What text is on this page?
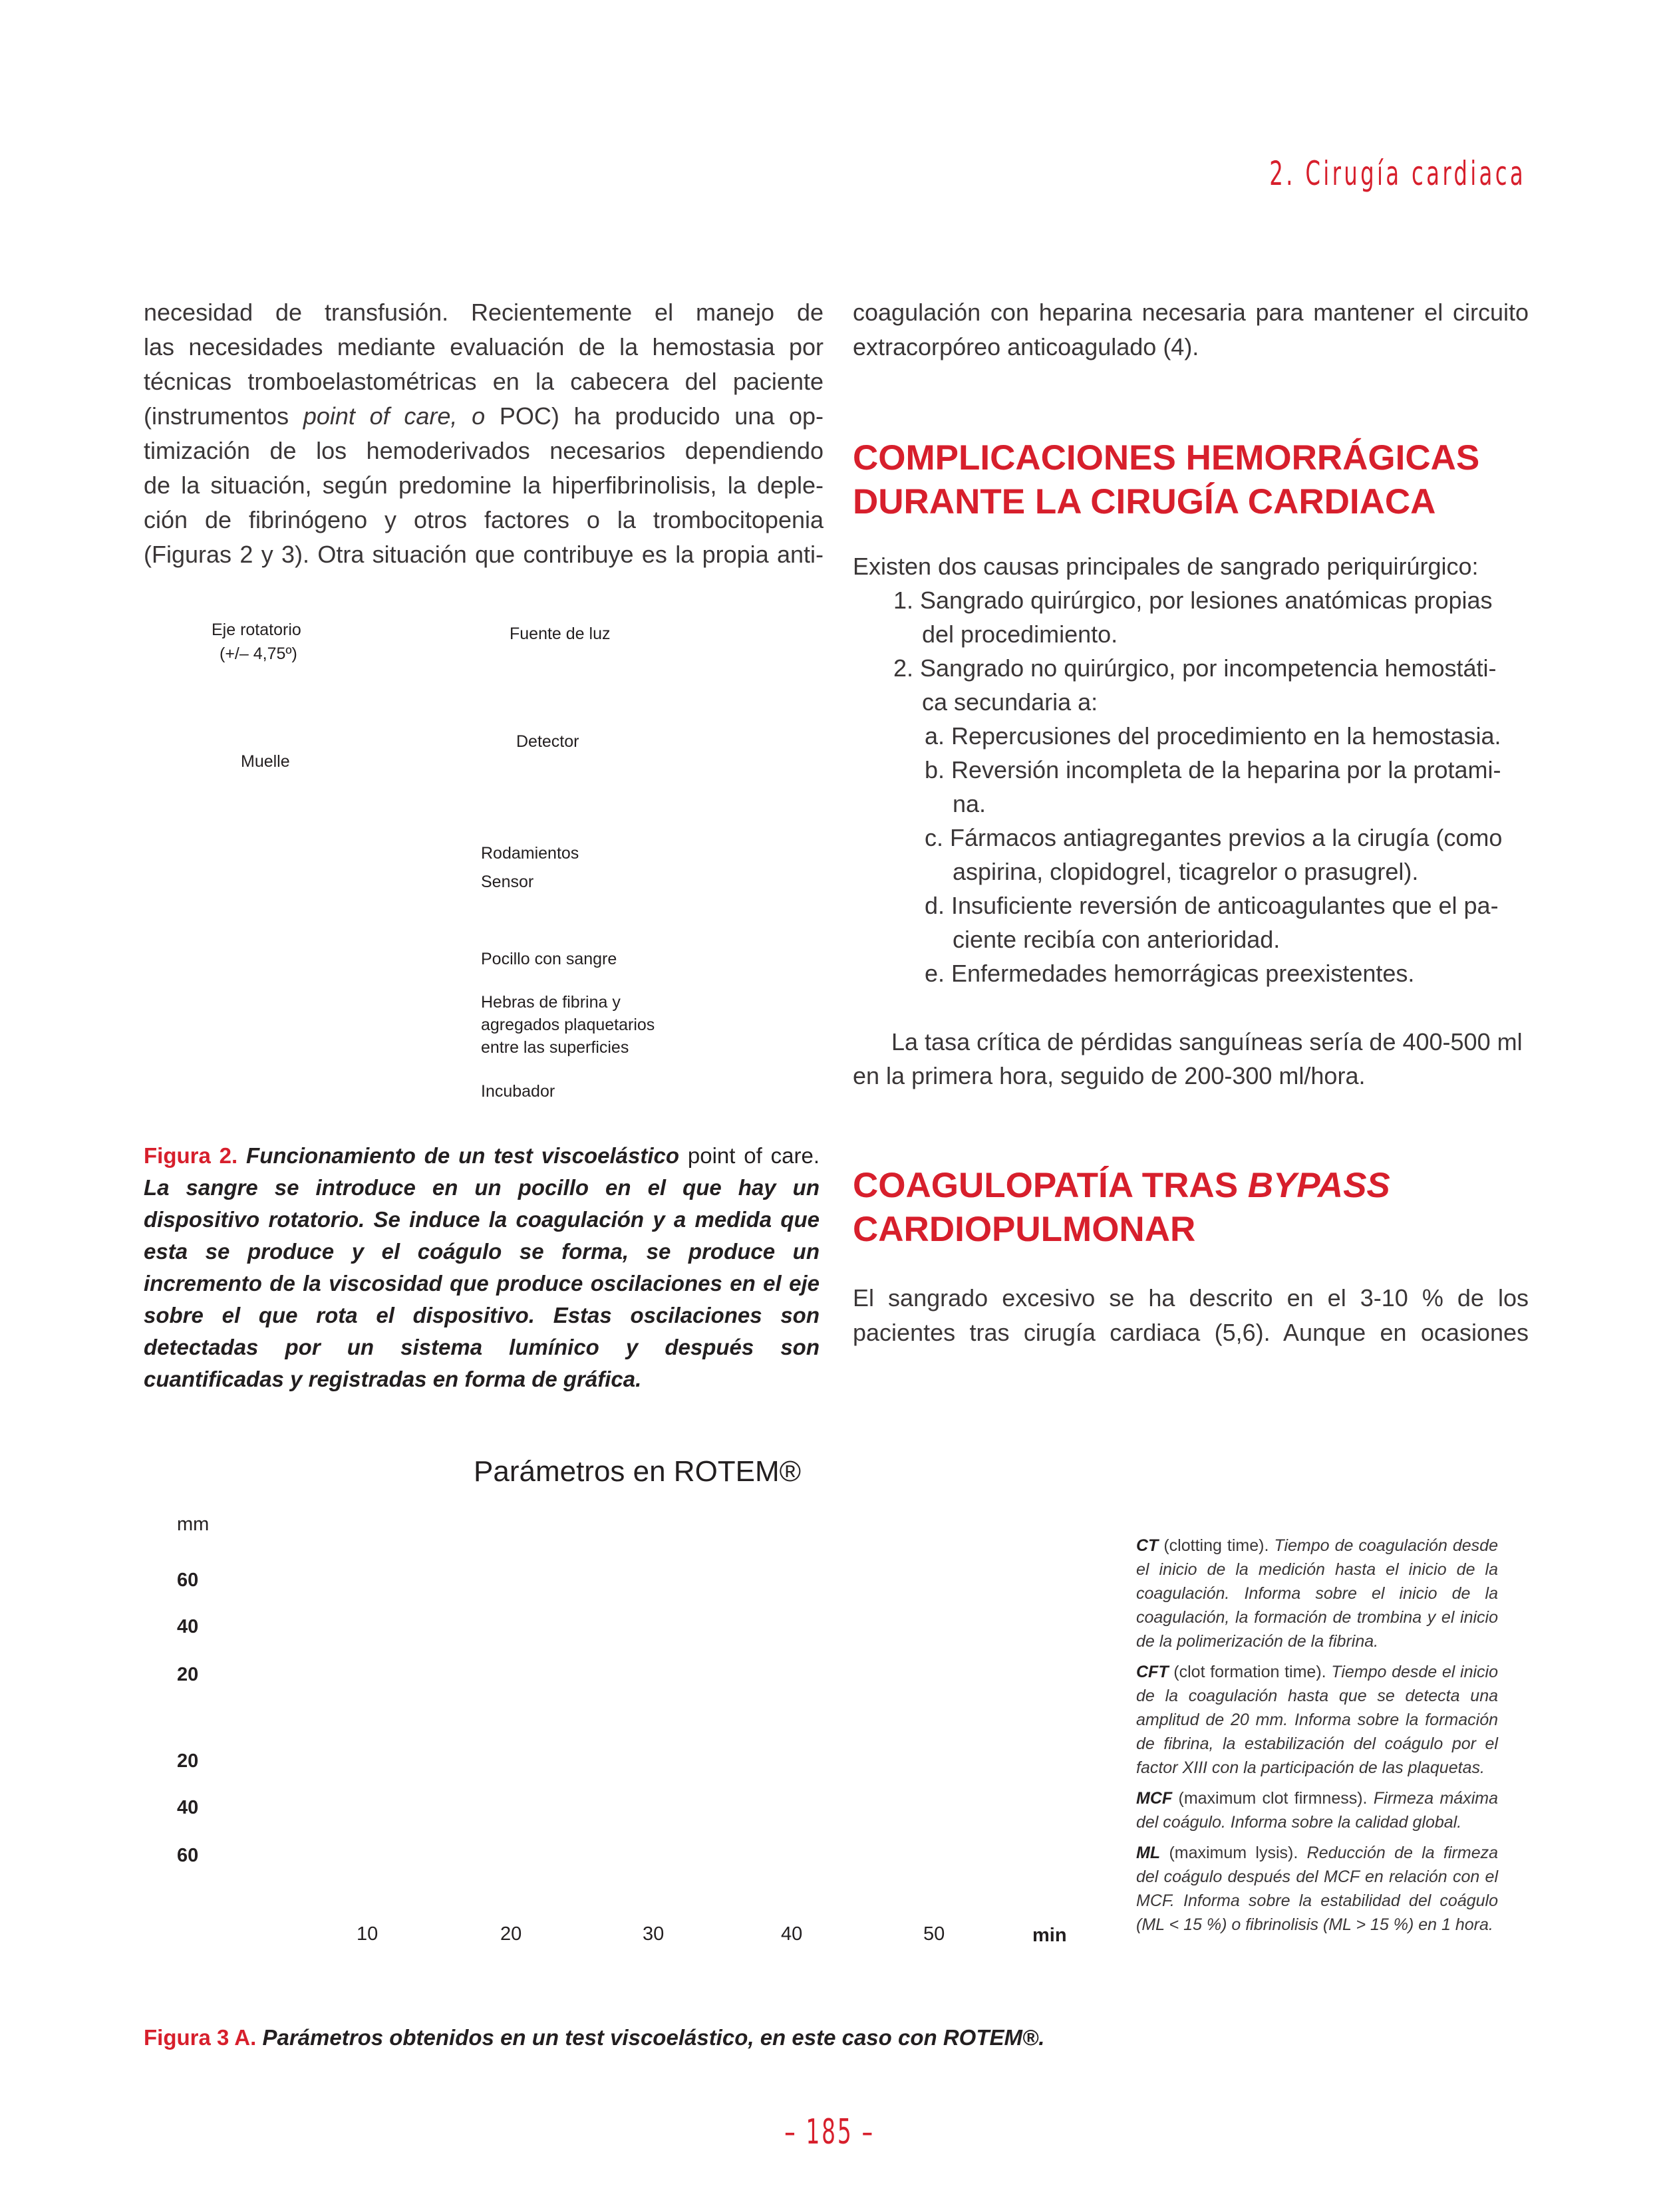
2. Cirugía cardiaca
necesidad de transfusión. Recientemente el manejo de
las necesidades mediante evaluación de la hemostasia por
técnicas tromboelastométricas en la cabecera del paciente
(instrumentos point of care, o POC) ha producido una op-
timización de los hemoderivados necesarios dependiendo
de la situación, según predomine la hiperfibrinolisis, la deple-
ción de fibrinógeno y otros factores o la trombocitopenia
(Figuras 2 y 3). Otra situación que contribuye es la propia anti-
coagulación con heparina necesaria para mantener el circuito
extracorpóreo anticoagulado (4).
COMPLICACIONES HEMORRÁGICAS
DURANTE LA CIRUGÍA CARDIACA
Existen dos causas principales de sangrado periquirúrgico:
1. Sangrado quirúrgico, por lesiones anatómicas propias
del procedimiento.
2. Sangrado no quirúrgico, por incompetencia hemostáti-
ca secundaria a:
a. Repercusiones del procedimiento en la hemostasia.
b. Reversión incompleta de la heparina por la protami-
na.
c. Fármacos antiagregantes previos a la cirugía (como
aspirina, clopidogrel, ticagrelor o prasugrel).
d. Insuficiente reversión de anticoagulantes que el pa-
ciente recibía con anterioridad.
e. Enfermedades hemorrágicas preexistentes.
La tasa crítica de pérdidas sanguíneas sería de 400-500 ml
en la primera hora, seguido de 200-300 ml/hora.
COAGULOPATÍA TRAS BYPASS
CARDIOPULMONAR
El sangrado excesivo se ha descrito en el 3-10 % de los
pacientes tras cirugía cardiaca (5,6). Aunque en ocasiones
Eje rotatorio
(+/– 4,75º)
Fuente de luz
Detector
Muelle
Rodamientos
Sensor
Pocillo con sangre
Hebras de fibrina y
agregados plaquetarios
entre las superficies
Incubador
Figura 2. Funcionamiento de un test viscoelástico point of care. La sangre se introduce en un pocillo en el que hay un dispositivo rotatorio. Se induce la coagulación y a medida que esta se produce y el coágulo se forma, se produce un incremento de la viscosidad que produce oscilaciones en el eje sobre el que rota el dispositivo. Estas oscilaciones son detectadas por un sistema lumínico y después son cuantificadas y registradas en forma de gráfica.
Parámetros en ROTEM®
mm
60
40
20
20
40
60
10	20	30	40	50	min
CT (clotting time). Tiempo de coagulación desde el inicio de la medición hasta el inicio de la coagulación. Informa sobre el inicio de la coagulación, la formación de trombina y el inicio de la polimerización de la fibrina.
CFT (clot formation time). Tiempo desde el inicio de la coagulación hasta que se detecta una amplitud de 20 mm. Informa sobre la formación de fibrina, la estabilización del coágulo por el factor XIII con la participación de las plaquetas.
MCF (maximum clot firmness). Firmeza máxima del coágulo. Informa sobre la calidad global.
ML (maximum lysis). Reducción de la firmeza del coágulo después del MCF en relación con el MCF. Informa sobre la estabilidad del coágulo (ML < 15 %) o fibrinolisis (ML > 15 %) en 1 hora.
Figura 3 A. Parámetros obtenidos en un test viscoelástico, en este caso con ROTEM®.
– 185 –
